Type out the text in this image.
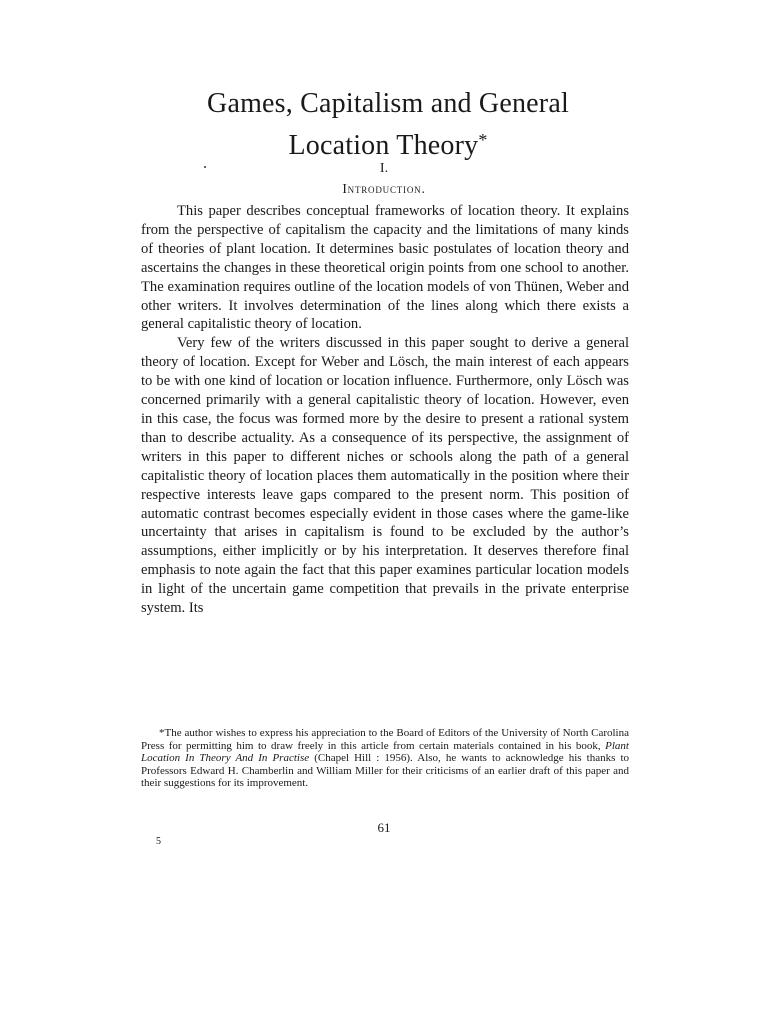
Games, Capitalism and General
Location Theory*
I.
Introduction.

This paper describes conceptual frameworks of location theory. It explains from the perspective of capitalism the capacity and the limitations of many kinds of theories of plant location. It determines basic postulates of location theory and ascertains the changes in these theoretical origin points from one school to another. The examination requires outline of the location models of von Thünen, Weber and other writers. It involves determination of the lines along which there exists a general capitalistic theory of location.

Very few of the writers discussed in this paper sought to derive a general theory of location. Except for Weber and Lösch, the main interest of each appears to be with one kind of location or location influence. Furthermore, only Lösch was concerned primarily with a general capitalistic theory of location. However, even in this case, the focus was formed more by the desire to present a rational system than to describe actuality. As a consequence of its perspective, the assignment of writers in this paper to different niches or schools along the path of a general capitalistic theory of location places them automatically in the position where their respective interests leave gaps compared to the present norm. This position of automatic contrast becomes especially evident in those cases where the game-like uncertainty that arises in capitalism is found to be excluded by the author’s assumptions, either implicitly or by his interpretation. It deserves therefore final emphasis to note again the fact that this paper examines particular location models in light of the uncertain game competition that prevails in the private enterprise system. Its

*The author wishes to express his appreciation to the Board of Editors of the University of North Carolina Press for permitting him to draw freely in this article from certain materials contained in his book, Plant Location In Theory And In Practise (Chapel Hill : 1956). Also, he wants to acknowledge his thanks to Professors Edward H. Chamberlin and William Miller for their criticisms of an earlier draft of this paper and their suggestions for its improvement.

61
5
